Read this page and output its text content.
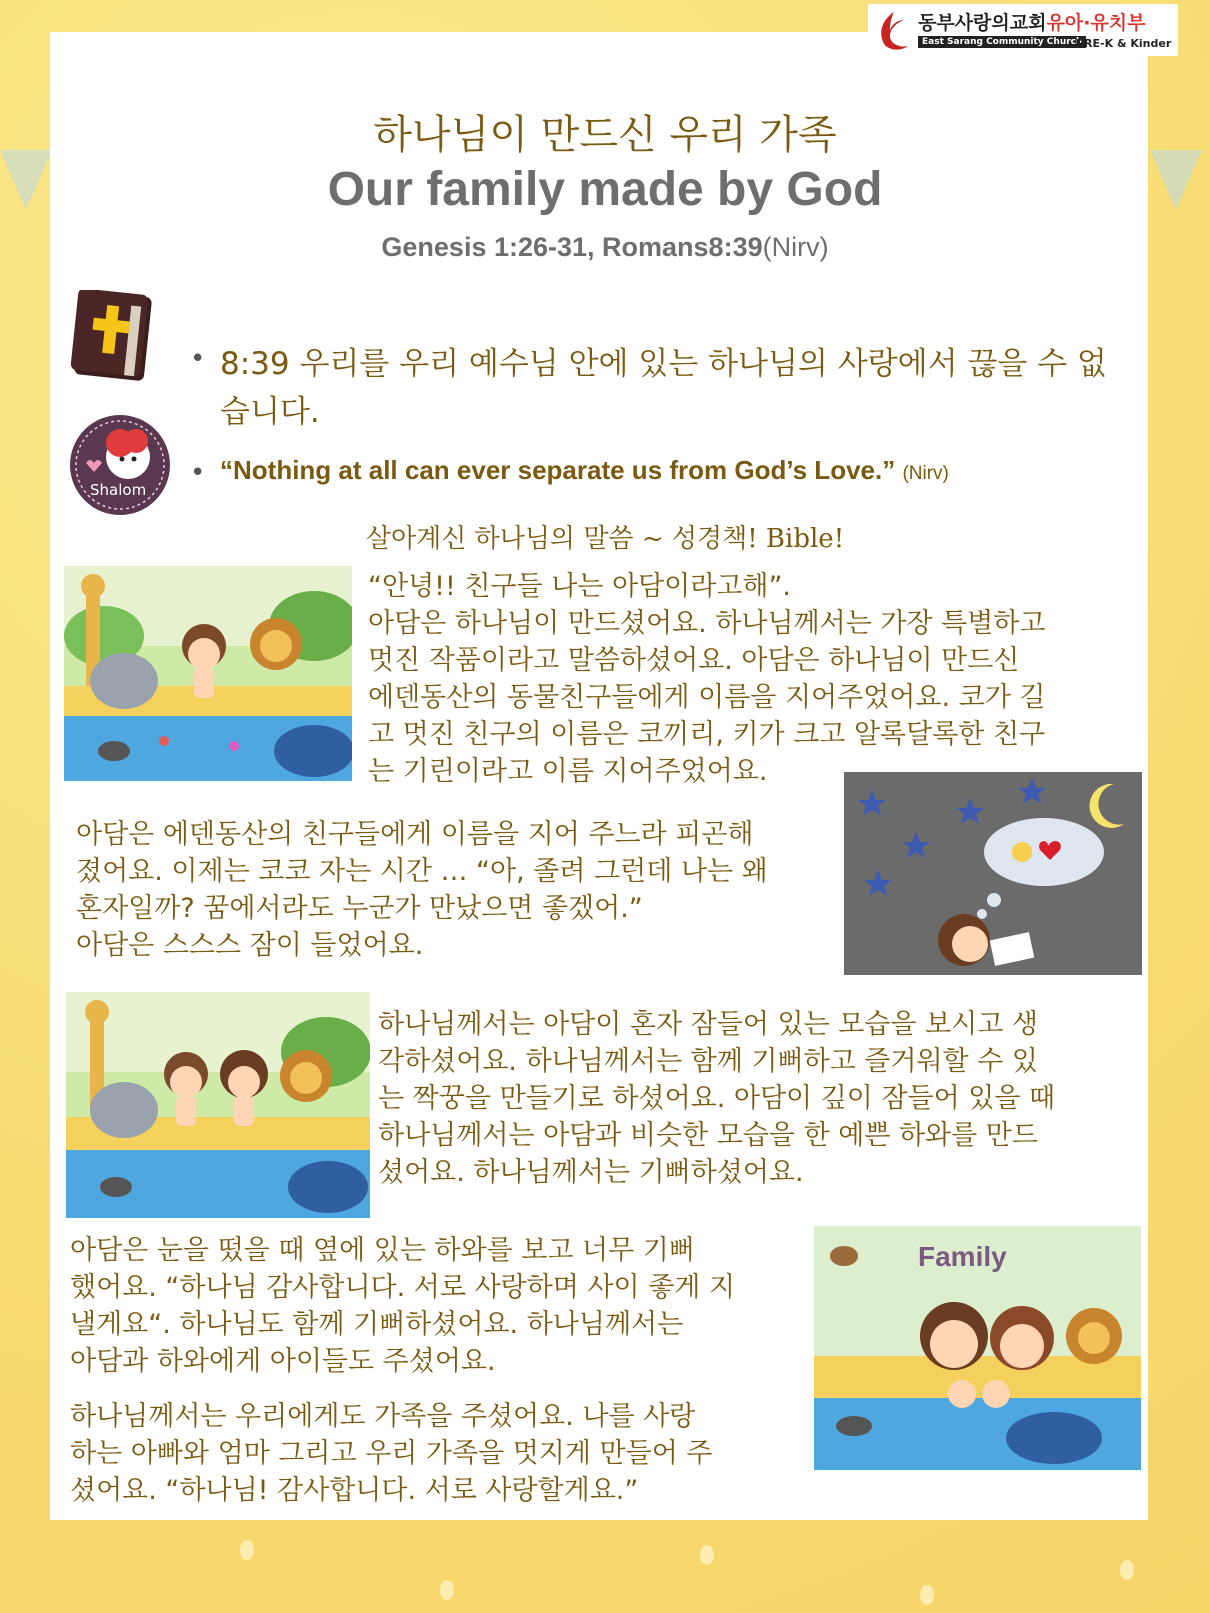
동부사랑의교회유아·유치부
East Sarang Community Church
PRE-K & Kinder
하나님이 만드신 우리 가족
Our family made by God
Genesis 1:26-31, Romans8:39(Nirv)
Shalom
• 8:39 우리를 우리 예수님 안에 있는 하나님의 사랑에서 끊을 수 없습니다.
• “Nothing at all can ever separate us from God’s Love.” (Nirv)
살아계신 하나님의 말씀 ~ 성경책! Bible!
“안녕!! 친구들 나는 아담이라고해”.
아담은 하나님이 만드셨어요. 하나님께서는 가장 특별하고
멋진 작품이라고 말씀하셨어요. 아담은 하나님이 만드신
에덴동산의 동물친구들에게 이름을 지어주었어요. 코가 길
고 멋진 친구의 이름은 코끼리, 키가 크고 알록달록한 친구
는 기린이라고 이름 지어주었어요.
아담은 에덴동산의 친구들에게 이름을 지어 주느라 피곤해
졌어요. 이제는 코코 자는 시간 … “아, 졸려 그런데 나는 왜
혼자일까? 꿈에서라도 누군가 만났으면 좋겠어.”
아담은 스스스 잠이 들었어요.
하나님께서는 아담이 혼자 잠들어 있는 모습을 보시고 생
각하셨어요. 하나님께서는 함께 기뻐하고 즐거워할 수 있
는 짝꿍을 만들기로 하셨어요. 아담이 깊이 잠들어 있을 때
하나님께서는 아담과 비슷한 모습을 한 예쁜 하와를 만드
셨어요. 하나님께서는 기뻐하셨어요.
Family
아담은 눈을 떴을 때 옆에 있는 하와를 보고 너무 기뻐
했어요. “하나님 감사합니다. 서로 사랑하며 사이 좋게 지
낼게요“. 하나님도 함께 기뻐하셨어요. 하나님께서는
아담과 하와에게 아이들도 주셨어요.
하나님께서는 우리에게도 가족을 주셨어요. 나를 사랑
하는 아빠와 엄마 그리고 우리 가족을 멋지게 만들어 주
셨어요. “하나님! 감사합니다. 서로 사랑할게요.”
